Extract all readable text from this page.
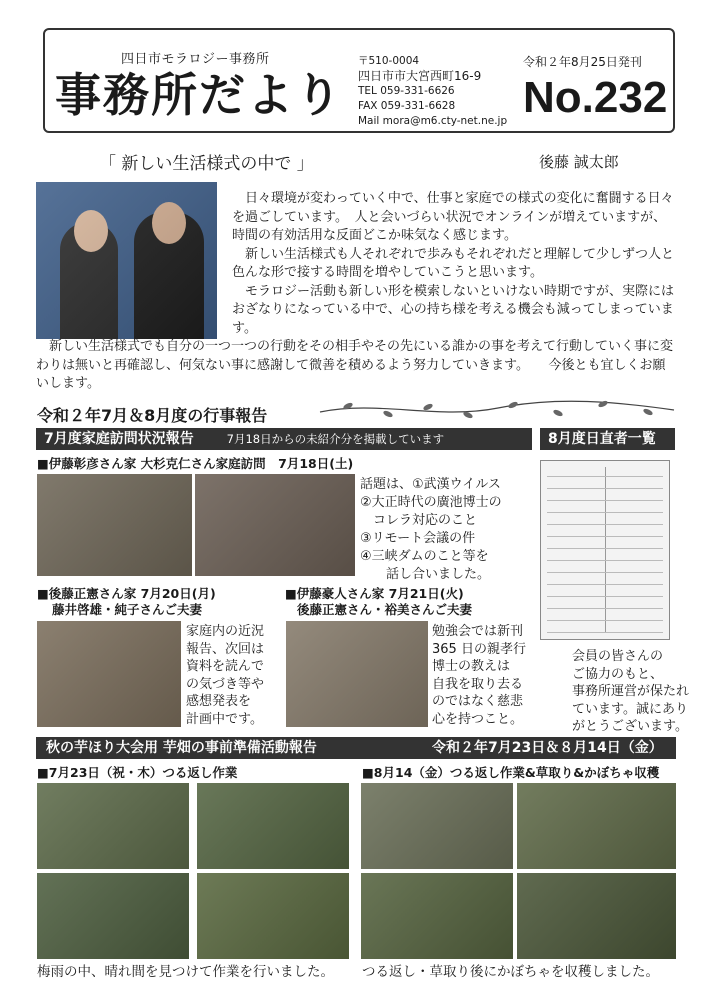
四日市モラロジー事務所
事務所だより
〒510-0004
四日市市大宮西町16-9
TEL 059-331-6626
FAX 059-331-6628
Mail mora@m6.cty-net.ne.jp
令和２年8月25日発刊
No.232
「 新しい生活様式の中で 」	後藤 誠太郎

日々環境が変わっていく中で、仕事と家庭での様式の変化に奮闘する日々を過ごしています。　人と会いづらい状況でオンラインが増えていますが、時間の有効活用な反面どこか味気なく感じます。

新しい生活様式も人それぞれで歩みもそれぞれだと理解して少しずつ人と色んな形で接する時間を増やしていこうと思います。

モラロジー活動も新しい形を模索しないといけない時期ですが、実際にはおざなりになっている中で、心の持ち様を考える機会も減ってしまっています。

新しい生活様式でも自分の一つ一つの行動をその相手やその先にいる誰かの事を考えて行動していく事に変わりは無いと再確認し、何気ない事に感謝して微善を積めるよう努力していきます。　　今後とも宜しくお願いします。

令和２年7月＆8月度の行事報告
7月度家庭訪問状況報告	7月18日からの未紹介分を掲載しています	8月度日直者一覧
■伊藤彰彦さん家 大杉克仁さん家庭訪問　7月18日(土)
話題は、①武漢ウイルス
②大正時代の廣池博士の
　コレラ対応のこと
③リモート会議の件
④三峡ダムのこと等を
　　話し合いました。
■後藤正憲さん家 7月20日(月)
藤井啓雄・純子さんご夫妻
家庭内の近況
報告、次回は
資料を読んで
の気づき等や
感想発表を
計画中です。
■伊藤豪人さん家 7月21日(火)
後藤正憲さん・裕美さんご夫妻
勉強会では新刊
365 日の親孝行
博士の教えは
自我を取り去る
のではなく慈悲
心を持つこと。
会員の皆さんの
ご協力のもと、
事務所運営が保たれ
ています。誠にあり
がとうございます。
秋の芋ほり大会用 芋畑の事前準備活動報告	令和２年7月23日＆８月14日（金）
■7月23日（祝・木）つる返し作業	■8月14（金）つる返し作業&草取り&かぼちゃ収穫
梅雨の中、晴れ間を見つけて作業を行いました。 つる返し・草取り後にかぼちゃを収穫しました。
